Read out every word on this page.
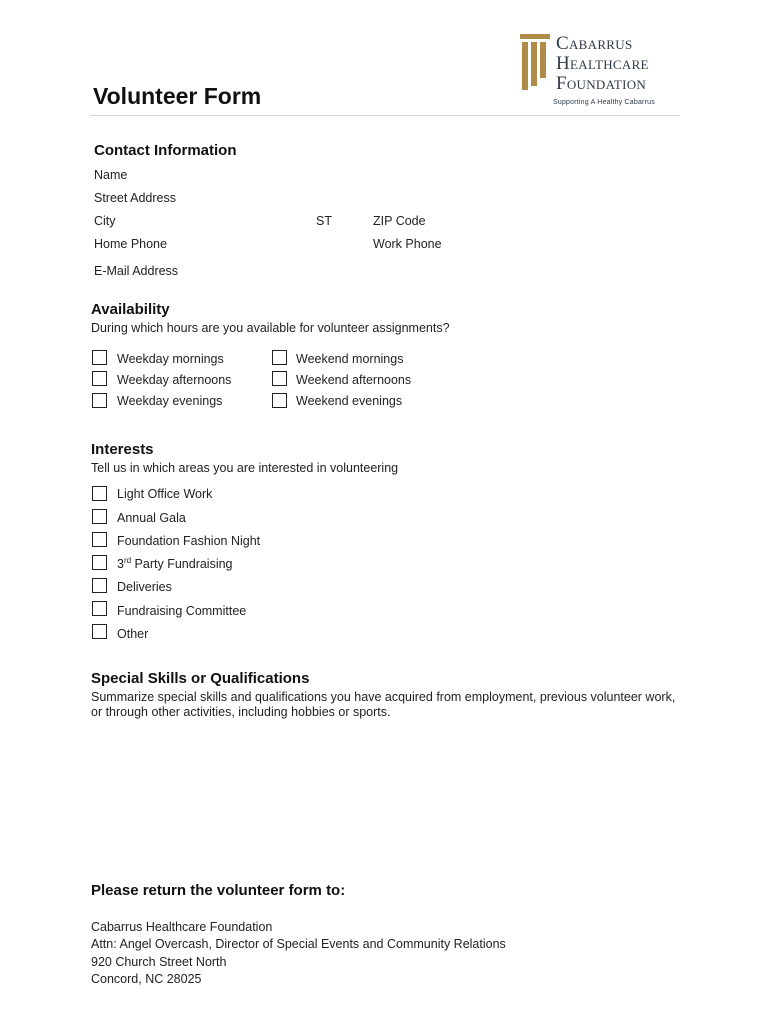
Volunteer Form
Cabarrus
Healthcare
Foundation
Supporting A Healthy Cabarrus
Contact Information
Name
Street Address
City	ST	ZIP Code
Home Phone	Work Phone
E-Mail Address
Availability
During which hours are you available for volunteer assignments?
Weekday mornings
Weekday afternoons
Weekday evenings
Weekend mornings
Weekend afternoons
Weekend evenings
Interests
Tell us in which areas you are interested in volunteering
Light Office Work
Annual Gala
Foundation Fashion Night
3rd Party Fundraising
Deliveries
Fundraising Committee
Other
Special Skills or Qualifications
Summarize special skills and qualifications you have acquired from employment, previous volunteer work,
or through other activities, including hobbies or sports.
Please return the volunteer form to:
Cabarrus Healthcare Foundation
Attn: Angel Overcash, Director of Special Events and Community Relations
920 Church Street North
Concord, NC 28025
